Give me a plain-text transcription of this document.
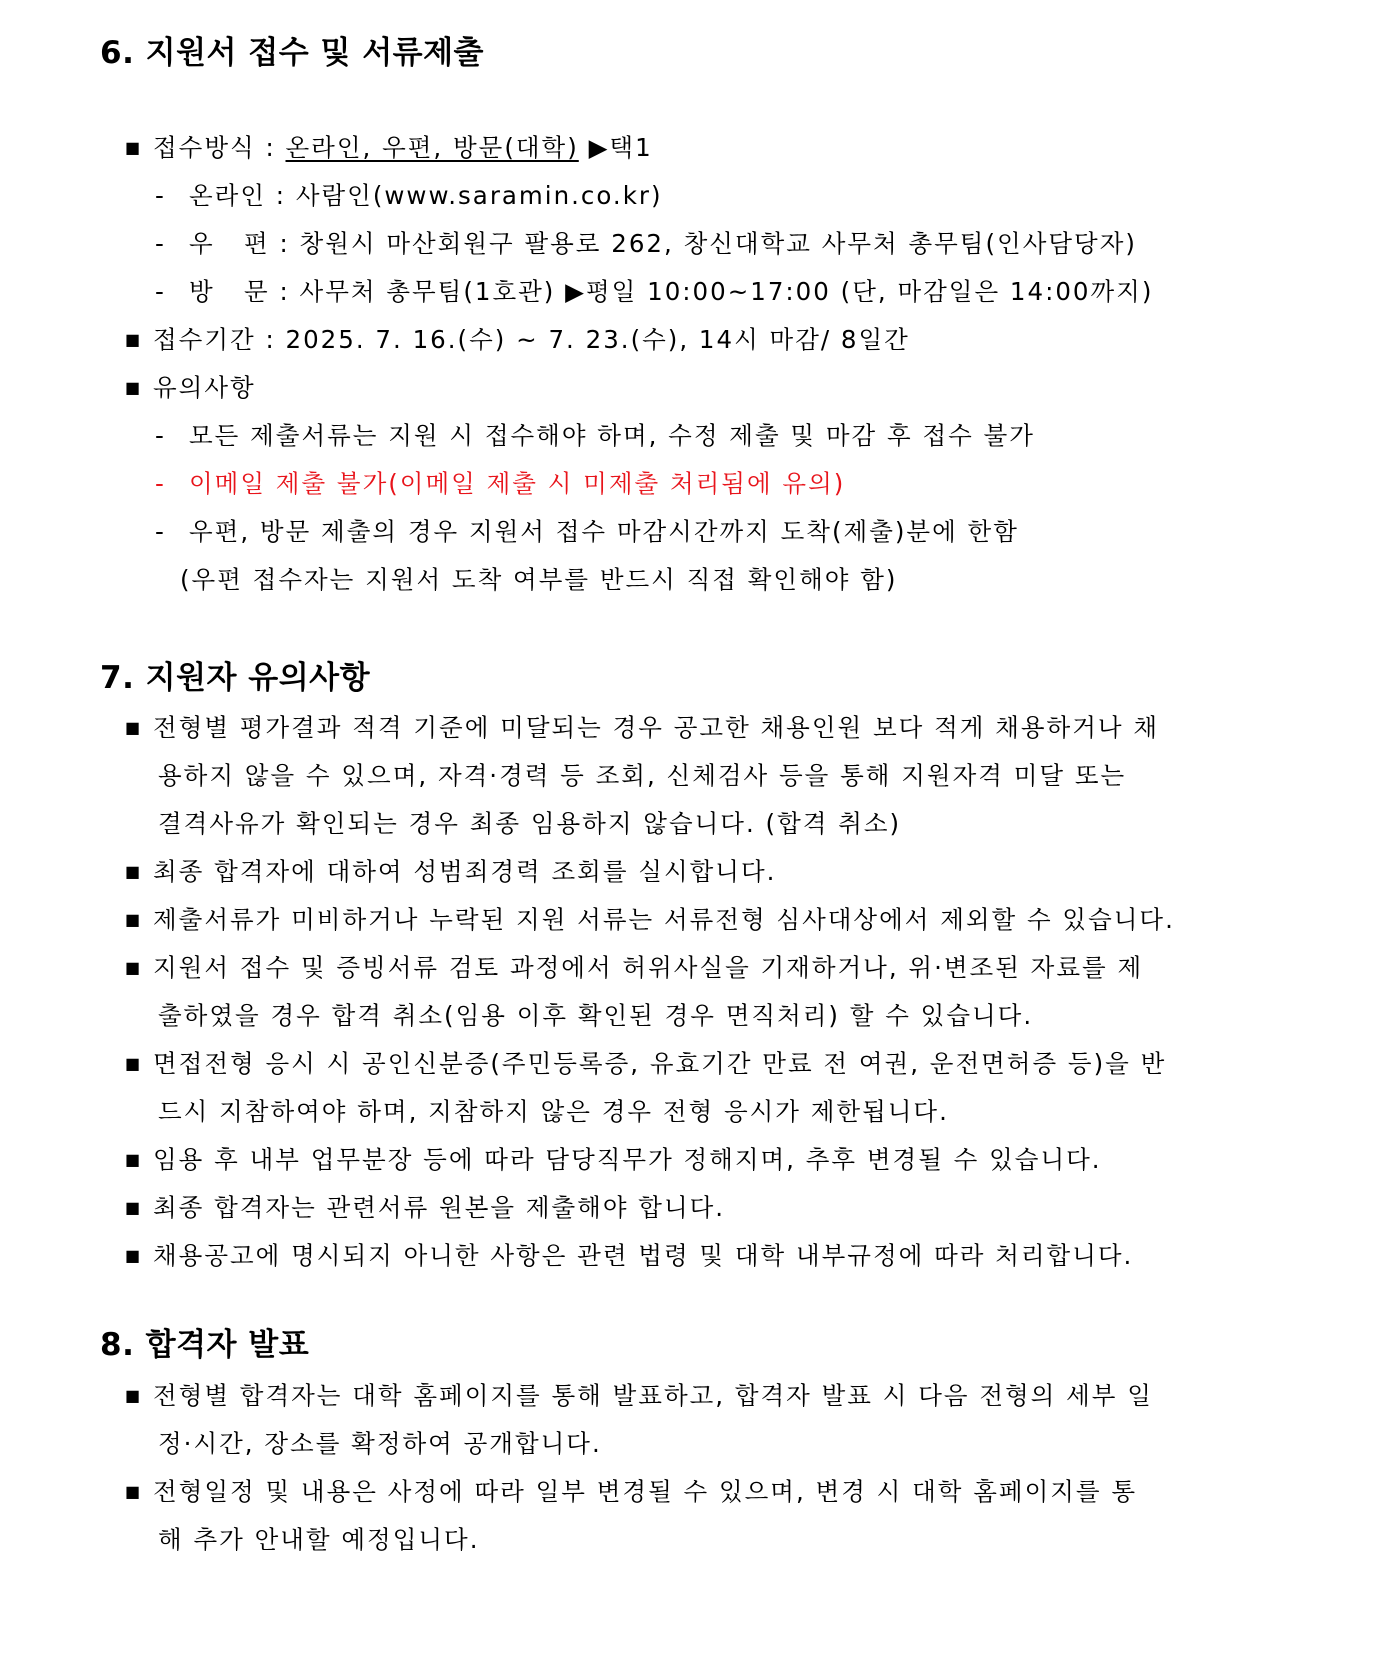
6. 지원서 접수 및 서류제출
■ 접수방식 : 온라인, 우편, 방문(대학) ▶택1
- 온라인 : 사람인(www.saramin.co.kr)
- 우   편 : 창원시 마산회원구 팔용로 262, 창신대학교 사무처 총무팀(인사담당자)
- 방   문 : 사무처 총무팀(1호관) ▶평일 10:00~17:00 (단, 마감일은 14:00까지)
■ 접수기간 : 2025. 7. 16.(수) ~ 7. 23.(수), 14시 마감/ 8일간
■ 유의사항
- 모든 제출서류는 지원 시 접수해야 하며, 수정 제출 및 마감 후 접수 불가
- 이메일 제출 불가(이메일 제출 시 미제출 처리됨에 유의)
- 우편, 방문 제출의 경우 지원서 접수 마감시간까지 도착(제출)분에 한함
(우편 접수자는 지원서 도착 여부를 반드시 직접 확인해야 함)
7. 지원자 유의사항
■ 전형별 평가결과 적격 기준에 미달되는 경우 공고한 채용인원 보다 적게 채용하거나 채
용하지 않을 수 있으며, 자격·경력 등 조회, 신체검사 등을 통해 지원자격 미달 또는
결격사유가 확인되는 경우 최종 임용하지 않습니다. (합격 취소)
■ 최종 합격자에 대하여 성범죄경력 조회를 실시합니다.
■ 제출서류가 미비하거나 누락된 지원 서류는 서류전형 심사대상에서 제외할 수 있습니다.
■ 지원서 접수 및 증빙서류 검토 과정에서 허위사실을 기재하거나, 위·변조된 자료를 제
출하였을 경우 합격 취소(임용 이후 확인된 경우 면직처리) 할 수 있습니다.
■ 면접전형 응시 시 공인신분증(주민등록증, 유효기간 만료 전 여권, 운전면허증 등)을 반
드시 지참하여야 하며, 지참하지 않은 경우 전형 응시가 제한됩니다.
■ 임용 후 내부 업무분장 등에 따라 담당직무가 정해지며, 추후 변경될 수 있습니다.
■ 최종 합격자는 관련서류 원본을 제출해야 합니다.
■ 채용공고에 명시되지 아니한 사항은 관련 법령 및 대학 내부규정에 따라 처리합니다.
8. 합격자 발표
■ 전형별 합격자는 대학 홈페이지를 통해 발표하고, 합격자 발표 시 다음 전형의 세부 일
정·시간, 장소를 확정하여 공개합니다.
■ 전형일정 및 내용은 사정에 따라 일부 변경될 수 있으며, 변경 시 대학 홈페이지를 통
해 추가 안내할 예정입니다.
